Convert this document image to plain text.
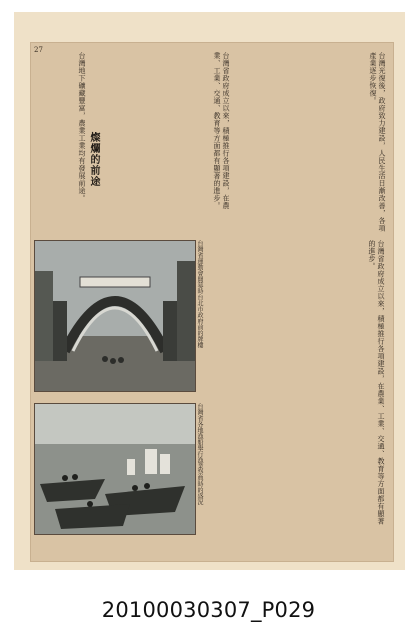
27
台灣光復後，政府致力建設，人民生活日漸改善，各項產業逐步恢復。
台灣省政府成立以來，積極推行各項建設，在農業、工業、交通、教育等方面都有顯著的進步。
台灣地下礦藏豐富，農業工業均有發展前途。 燦爛的前途
台灣省政府成立以來，積極推行各項建設，在農業、工業、交通、教育等方面都有顯著的進步。
台灣省運動會開幕時台北市政府前的牌樓
台灣省各地漁船舉行漁業祭典時的盛況
20100030307_P029
